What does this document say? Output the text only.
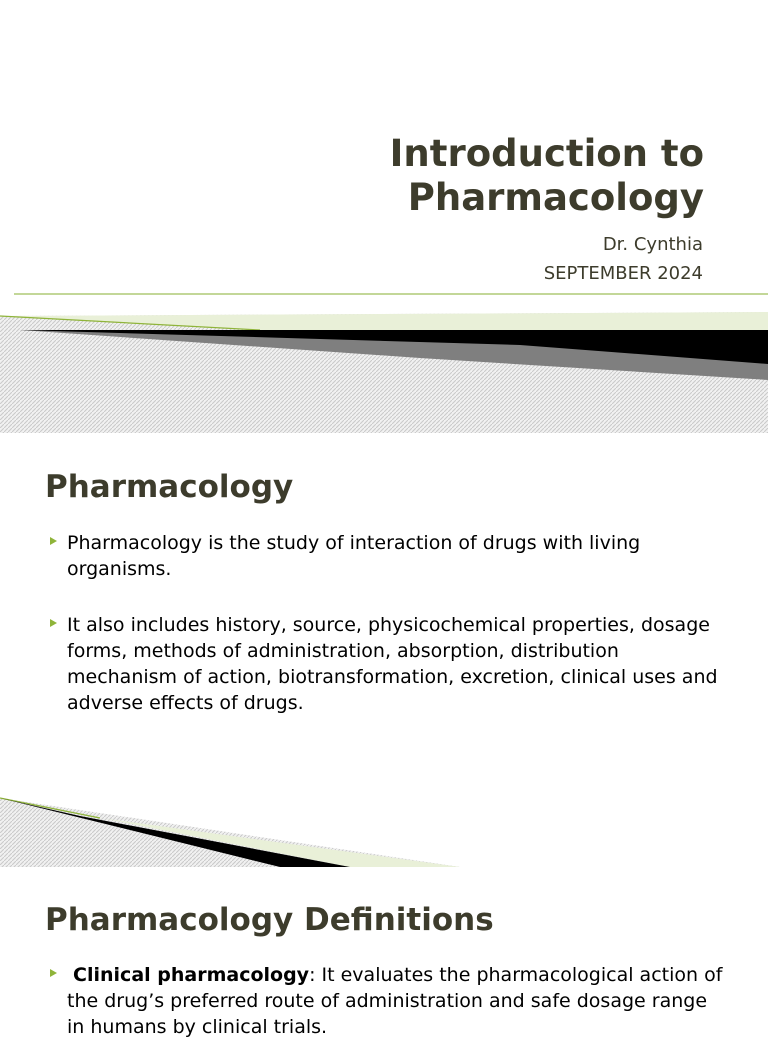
Introduction to Pharmacology
Dr. Cynthia
SEPTEMBER 2024
Pharmacology
Pharmacology is the study of interaction of drugs with living organisms.
It also includes history, source, physicochemical properties, dosage forms, methods of administration, absorption, distribution mechanism of action, biotransformation, excretion, clinical uses and adverse effects of drugs.
Pharmacology Definitions
Clinical pharmacology: It evaluates the pharmacological action of the drug’s preferred route of administration and safe dosage range in humans by clinical trials.
